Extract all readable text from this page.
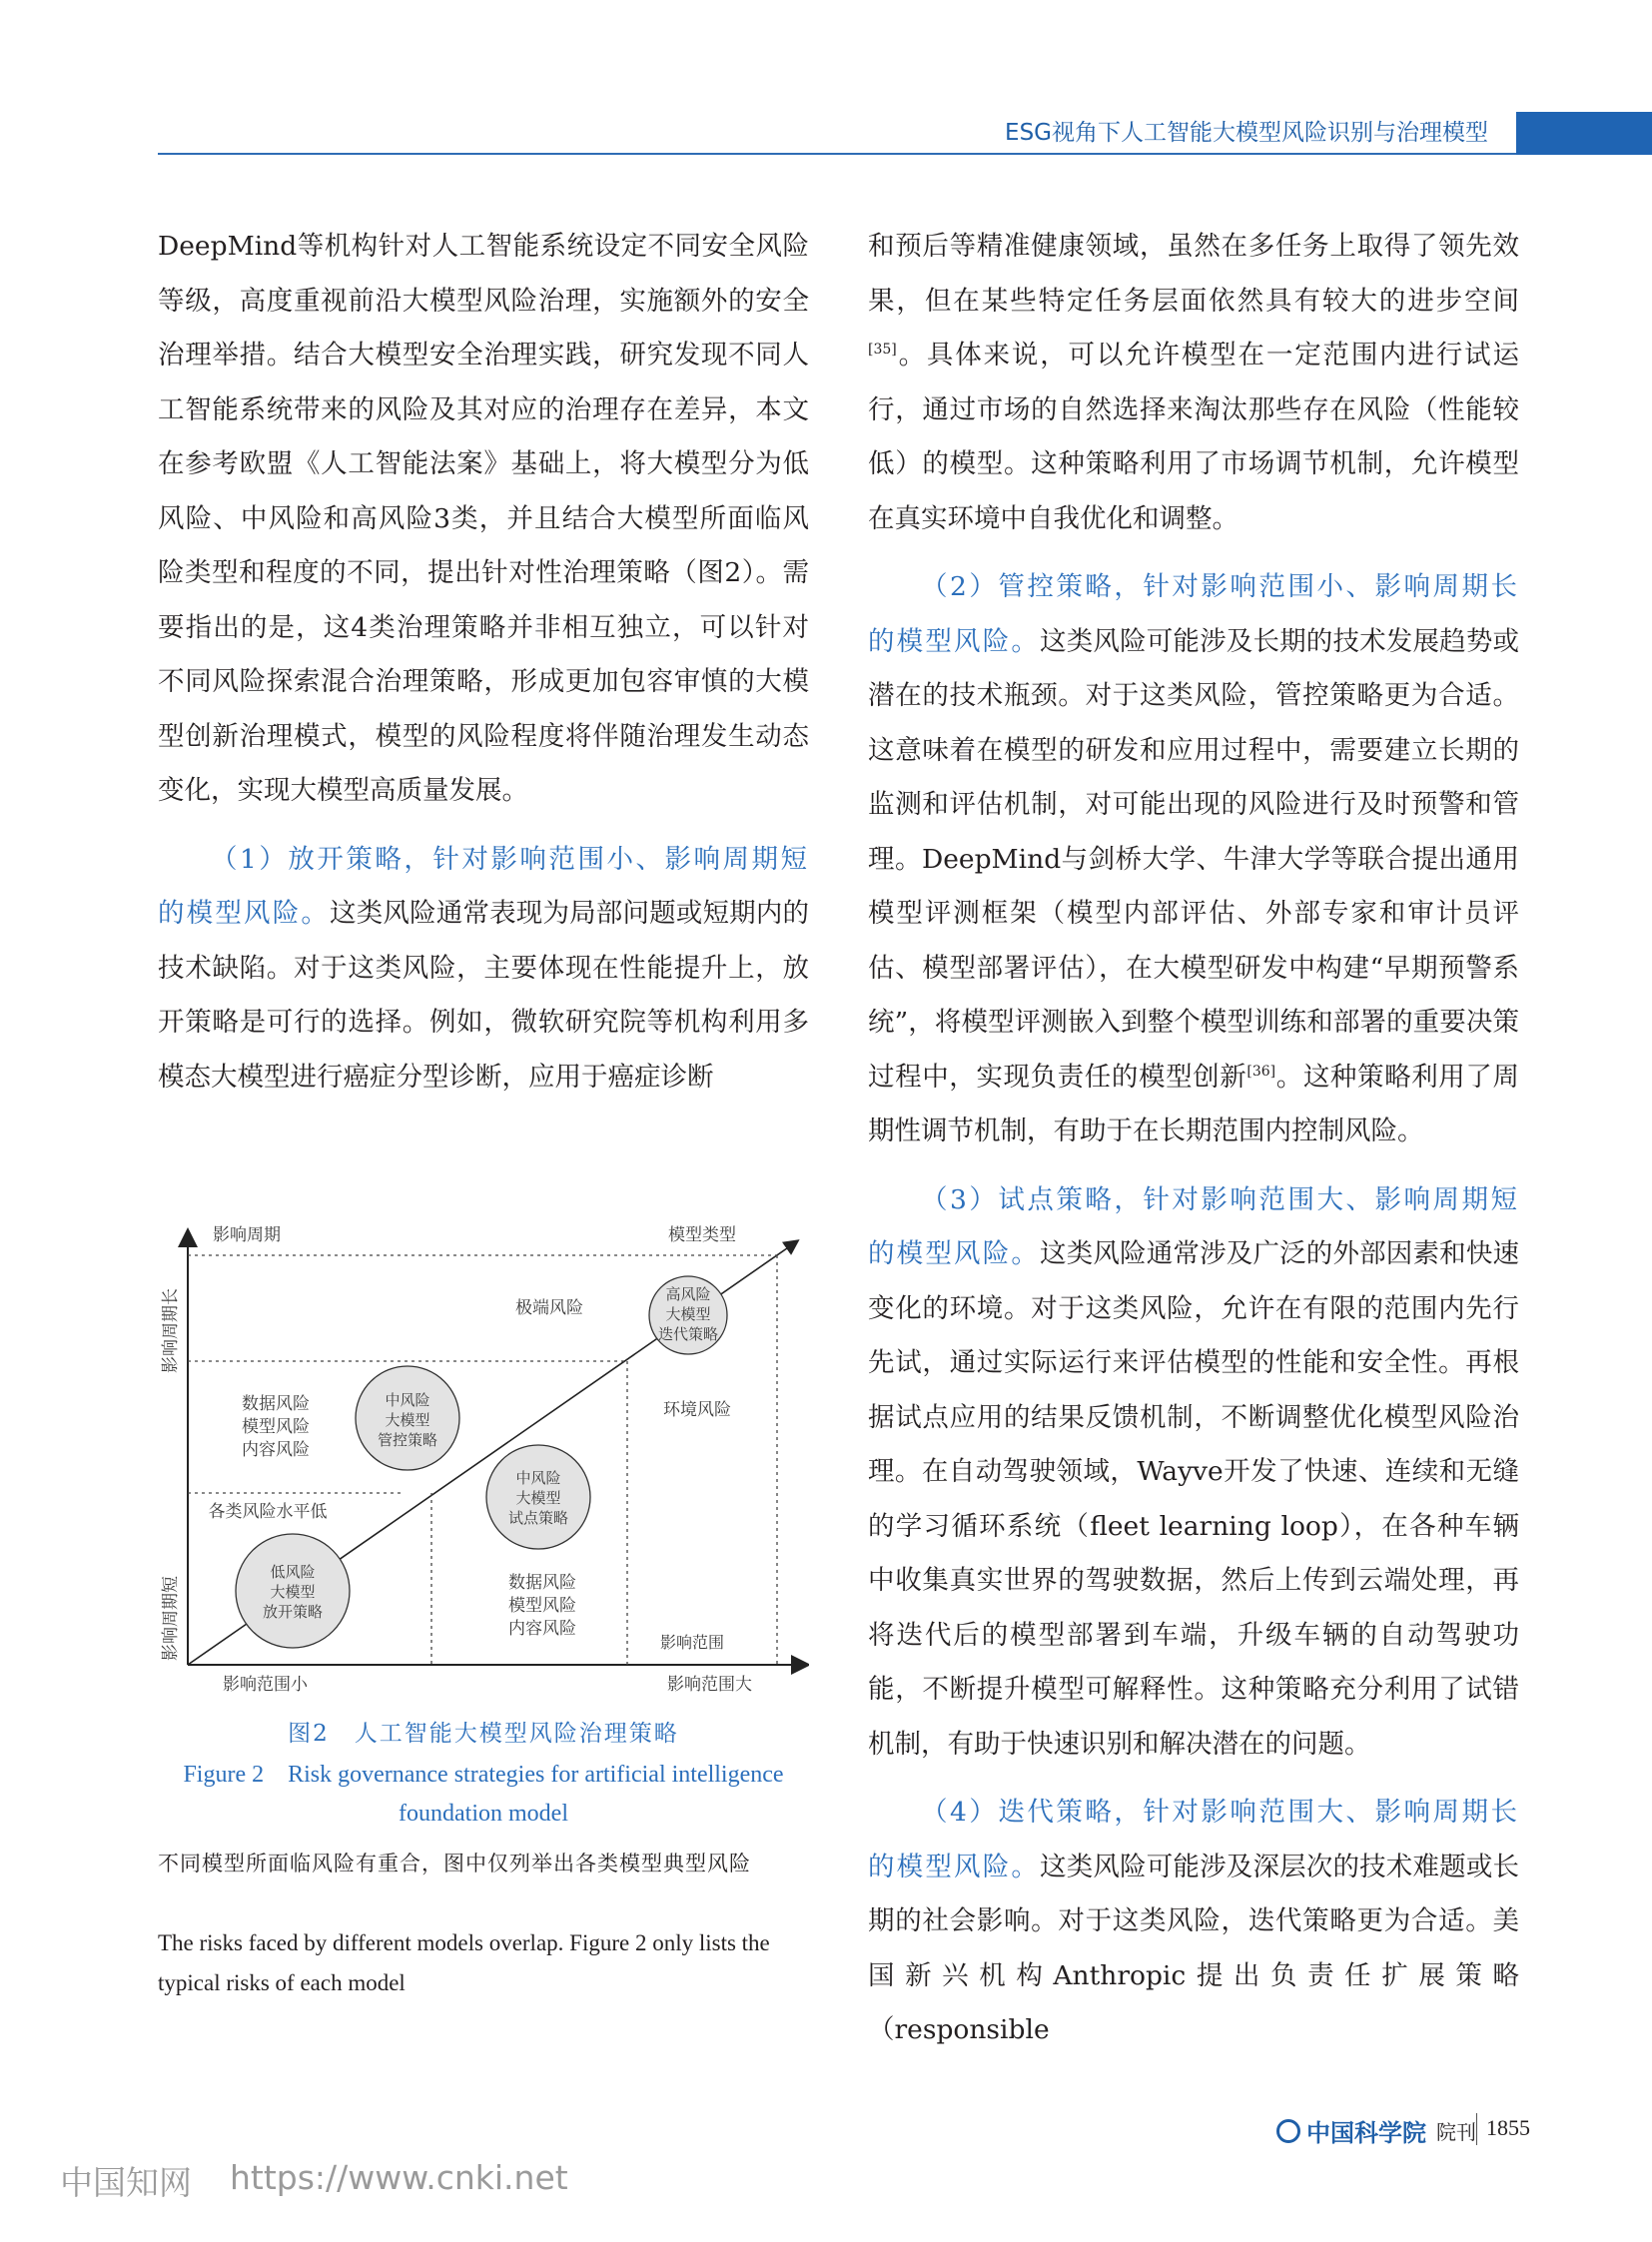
ESG视角下人工智能大模型风险识别与治理模型

DeepMind等机构针对人工智能系统设定不同安全风险等级，高度重视前沿大模型风险治理，实施额外的安全治理举措。结合大模型安全治理实践，研究发现不同人工智能系统带来的风险及其对应的治理存在差异，本文在参考欧盟《人工智能法案》基础上，将大模型分为低风险、中风险和高风险3类，并且结合大模型所面临风险类型和程度的不同，提出针对性治理策略（图2）。需要指出的是，这4类治理策略并非相互独立，可以针对不同风险探索混合治理策略，形成更加包容审慎的大模型创新治理模式，模型的风险程度将伴随治理发生动态变化，实现大模型高质量发展。

（1）放开策略，针对影响范围小、影响周期短的模型风险。这类风险通常表现为局部问题或短期内的技术缺陷。对于这类风险，主要体现在性能提升上，放开策略是可行的选择。例如，微软研究院等机构利用多模态大模型进行癌症分型诊断，应用于癌症诊断

影响周期	模型类型
影响周期长
影响周期短
影响范围小	影响范围大
影响范围
各类风险水平低
极端风险
环境风险
数据风险
模型风险
内容风险
数据风险
模型风险
内容风险
高风险
大模型
迭代策略
中风险
大模型
管控策略
中风险
大模型
试点策略
低风险
大模型
放开策略
图2　人工智能大模型风险治理策略
Figure 2　Risk governance strategies for artificial intelligence
foundation model
不同模型所面临风险有重合，图中仅列举出各类模型典型风险
The risks faced by different models overlap. Figure 2 only lists the typical risks of each model

和预后等精准健康领域，虽然在多任务上取得了领先效果，但在某些特定任务层面依然具有较大的进步空间[35]。具体来说，可以允许模型在一定范围内进行试运行，通过市场的自然选择来淘汰那些存在风险（性能较低）的模型。这种策略利用了市场调节机制，允许模型在真实环境中自我优化和调整。

（2）管控策略，针对影响范围小、影响周期长的模型风险。这类风险可能涉及长期的技术发展趋势或潜在的技术瓶颈。对于这类风险，管控策略更为合适。这意味着在模型的研发和应用过程中，需要建立长期的监测和评估机制，对可能出现的风险进行及时预警和管理。DeepMind与剑桥大学、牛津大学等联合提出通用模型评测框架（模型内部评估、外部专家和审计员评估、模型部署评估），在大模型研发中构建“早期预警系统”，将模型评测嵌入到整个模型训练和部署的重要决策过程中，实现负责任的模型创新[36]。这种策略利用了周期性调节机制，有助于在长期范围内控制风险。

（3）试点策略，针对影响范围大、影响周期短的模型风险。这类风险通常涉及广泛的外部因素和快速变化的环境。对于这类风险，允许在有限的范围内先行先试，通过实际运行来评估模型的性能和安全性。再根据试点应用的结果反馈机制，不断调整优化模型风险治理。在自动驾驶领域，Wayve开发了快速、连续和无缝的学习循环系统（fleet learning loop），在各种车辆中收集真实世界的驾驶数据，然后上传到云端处理，再将迭代后的模型部署到车端，升级车辆的自动驾驶功能，不断提升模型可解释性。这种策略充分利用了试错机制，有助于快速识别和解决潜在的问题。

（4）迭代策略，针对影响范围大、影响周期长的模型风险。这类风险可能涉及深层次的技术难题或长期的社会影响。对于这类风险，迭代策略更为合适。美国新兴机构Anthropic提出负责任扩展策略（responsible

中国科学院 院刊 1855
中国知网 https://www.cnki.net
